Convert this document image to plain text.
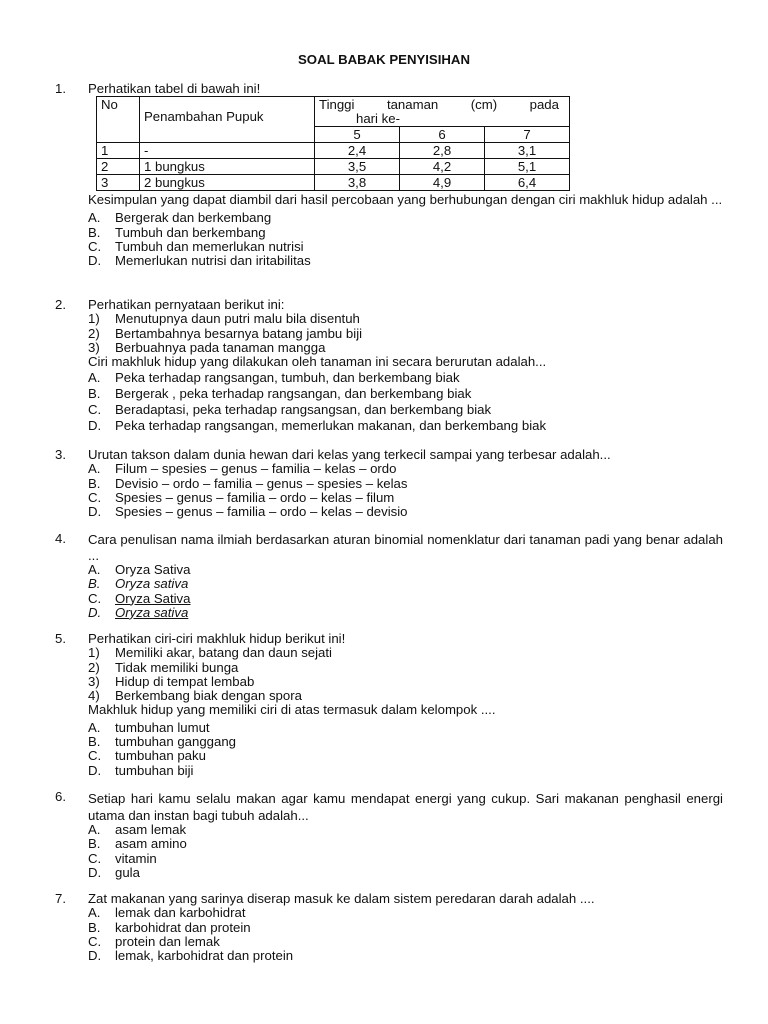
SOAL BABAK PENYISIHAN
1. Perhatikan tabel di bawah ini!
No	Penambahan Pupuk	Tinggi tanaman (cm) pada
hari ke-		

		5	6	7
1	-	2,4	2,8	3,1
2	1 bungkus	3,5	4,2	5,1
3	2 bungkus	3,8	4,9	6,4
Kesimpulan yang dapat diambil dari hasil percobaan yang berhubungan dengan ciri makhluk hidup adalah ...
A.	Bergerak dan berkembang
B.	Tumbuh dan berkembang
C.	Tumbuh dan memerlukan nutrisi
D.	Memerlukan nutrisi dan iritabilitas
2. Perhatikan pernyataan berikut ini:
1)	Menutupnya daun putri malu bila disentuh
2)	Bertambahnya besarnya batang jambu biji
3)	Berbuahnya pada tanaman mangga
Ciri makhluk hidup yang dilakukan oleh tanaman ini secara berurutan adalah...
A.	Peka terhadap rangsangan, tumbuh, dan berkembang biak
B.	Bergerak , peka terhadap rangsangan, dan berkembang biak
C.	Beradaptasi, peka terhadap rangsangsan, dan berkembang biak
D.	Peka terhadap rangsangan, memerlukan makanan, dan berkembang biak
3. Urutan takson dalam dunia hewan dari kelas yang terkecil sampai yang terbesar adalah...
A.	Filum – spesies – genus – familia – kelas – ordo
B.	Devisio – ordo – familia – genus – spesies – kelas
C.	Spesies – genus – familia – ordo – kelas – filum
D.	Spesies – genus – familia – ordo – kelas – devisio
4. Cara penulisan nama ilmiah berdasarkan aturan binomial nomenklatur dari tanaman padi yang benar adalah ...
A.	Oryza Sativa
B.	Oryza sativa
C.	Oryza Sativa
D.	Oryza sativa
5. Perhatikan ciri-ciri makhluk hidup berikut ini!
1)	Memiliki akar, batang dan daun sejati
2)	Tidak memiliki bunga
3)	Hidup di tempat lembab
4)	Berkembang biak dengan spora
Makhluk hidup yang memiliki ciri di atas termasuk dalam kelompok ....
A.	tumbuhan lumut
B.	tumbuhan ganggang
C.	tumbuhan paku
D.	tumbuhan biji
6. Setiap hari kamu selalu makan agar kamu mendapat energi yang cukup. Sari makanan penghasil energi utama dan instan bagi tubuh adalah...
A.	asam lemak
B.	asam amino
C.	vitamin
D.	gula
7. Zat makanan yang sarinya diserap masuk ke dalam sistem peredaran darah adalah ....
A.	lemak dan karbohidrat
B.	karbohidrat dan protein
C.	protein dan lemak
D.	lemak, karbohidrat dan protein
